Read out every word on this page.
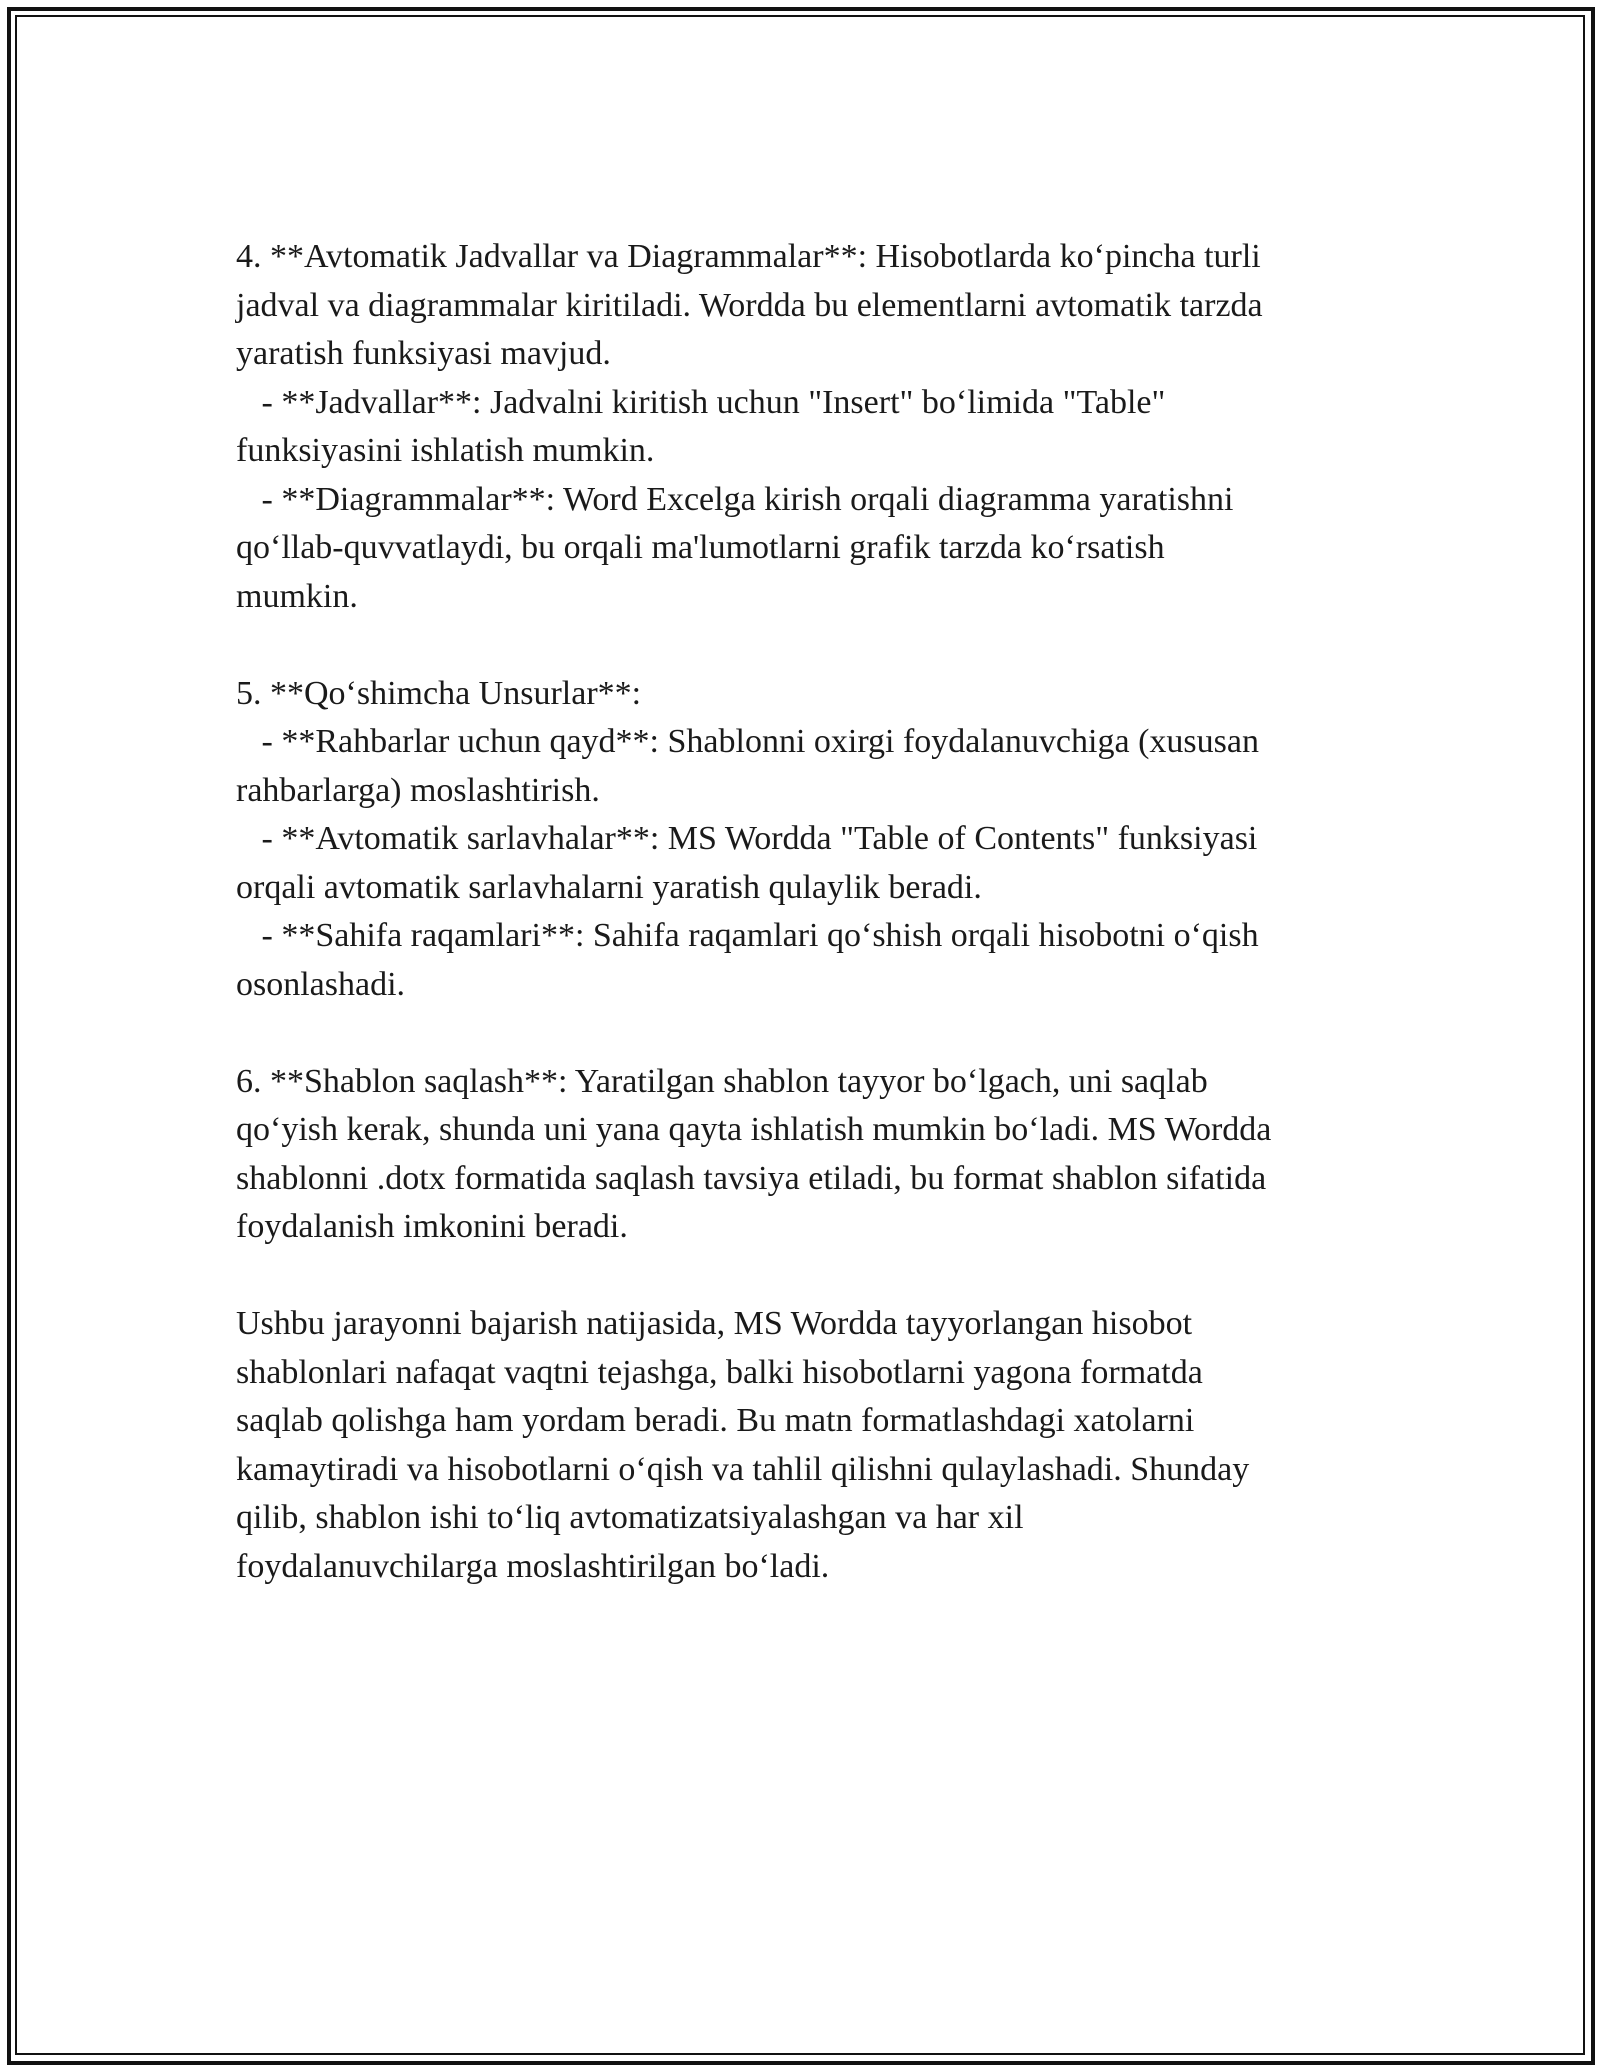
4. **Avtomatik Jadvallar va Diagrammalar**: Hisobotlarda ko‘pincha turli
jadval va diagrammalar kiritiladi. Wordda bu elementlarni avtomatik tarzda
yaratish funksiyasi mavjud.
- **Jadvallar**: Jadvalni kiritish uchun "Insert" bo‘limida "Table"
funksiyasini ishlatish mumkin.
- **Diagrammalar**: Word Excelga kirish orqali diagramma yaratishni
qo‘llab-quvvatlaydi, bu orqali ma'lumotlarni grafik tarzda ko‘rsatish
mumkin.
5. **Qo‘shimcha Unsurlar**:
- **Rahbarlar uchun qayd**: Shablonni oxirgi foydalanuvchiga (xususan
rahbarlarga) moslashtirish.
- **Avtomatik sarlavhalar**: MS Wordda "Table of Contents" funksiyasi
orqali avtomatik sarlavhalarni yaratish qulaylik beradi.
- **Sahifa raqamlari**: Sahifa raqamlari qo‘shish orqali hisobotni o‘qish
osonlashadi.
6. **Shablon saqlash**: Yaratilgan shablon tayyor bo‘lgach, uni saqlab
qo‘yish kerak, shunda uni yana qayta ishlatish mumkin bo‘ladi. MS Wordda
shablonni .dotx formatida saqlash tavsiya etiladi, bu format shablon sifatida
foydalanish imkonini beradi.
Ushbu jarayonni bajarish natijasida, MS Wordda tayyorlangan hisobot
shablonlari nafaqat vaqtni tejashga, balki hisobotlarni yagona formatda
saqlab qolishga ham yordam beradi. Bu matn formatlashdagi xatolarni
kamaytiradi va hisobotlarni o‘qish va tahlil qilishni qulaylashadi. Shunday
qilib, shablon ishi to‘liq avtomatizatsiyalashgan va har xil
foydalanuvchilarga moslashtirilgan bo‘ladi.
